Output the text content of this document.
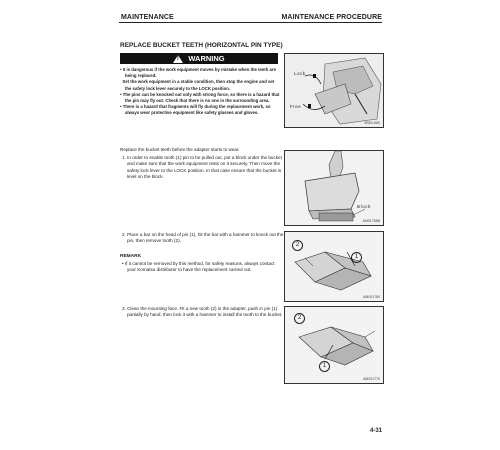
MAINTENANCE	MAINTENANCE PROCEDURE
REPLACE BUCKET TEETH (HORIZONTAL PIN TYPE)
!
WARNING

• It is dangerous if the work equipment moves by mistake when the teeth are being replaced.

Set the work equipment in a stable condition, then stop the engine and set the safety lock lever securely to the LOCK position.

• The pins can be knocked out only with strong force, so there is a hazard that the pin may fly out. Check that there is no one in the surrounding area.

• There is a hazard that fragments will fly during the replacement work, so always wear protective equipment like safety glasses and gloves.

Lock
Free
9BE0-880

Replace the bucket teeth before the adapter starts to wear.

1. In order to enable tooth (1) pin to be pulled out, put a block under the bucket and make sure that the work equipment rests on it securely. Then move the safety lock lever to the LOCK position. In that case ensure that the bucket is level on the block.
Block
AM01755B
2. Place a bar on the head of pin (1), hit the bar with a hammer to knock out the pin, then remove tooth (2).
REMARK
• If it cannot be removed by this method, for safety reasons, always contact your Komatsu distributor to have the replacement carried out.
2
1
AM001780
3. Clean the mounting face. Fit a new tooth (2) in the adapter, push in pin (1) partially by hand, then lock it with a hammer to install the tooth to the bucket.
2
1
AM001770
4-31
